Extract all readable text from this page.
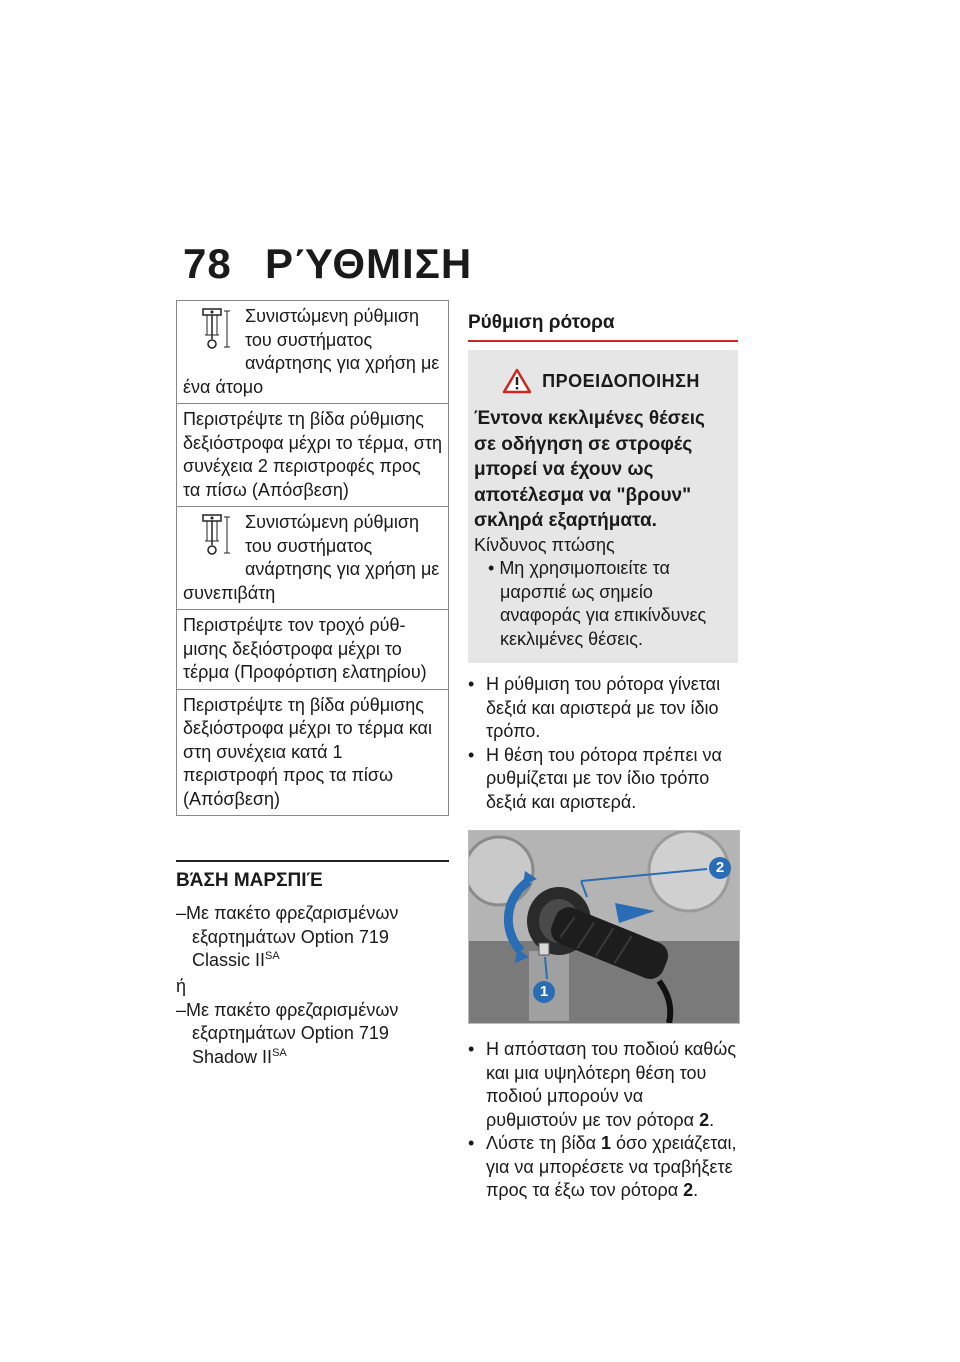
78 ΡΎΘΜΙΣΗ
Συνιστώμενη ρύθμιση του συστήματος ανάρτησης για χρήση με ένα άτομο
Περιστρέψτε τη βίδα ρύθμισης δεξιόστροφα μέχρι το τέρμα, στη συνέχεια 2 περιστροφές προς τα πίσω (Απόσβεση)
Συνιστώμενη ρύθμιση του συστήματος ανάρτησης για χρήση με συνεπιβάτη
Περιστρέψτε τον τροχό ρύθμισης δεξιόστροφα μέχρι το τέρμα (Προφόρτιση ελατηρίου)
Περιστρέψτε τη βίδα ρύθμισης δεξιόστροφα μέχρι το τέρμα και στη συνέχεια κατά 1 περιστροφή προς τα πίσω (Απόσβεση)
ΒΆΣΗ ΜΑΡΣΠΙΈ
–Με πακέτο φρεζαρισμένων εξαρτημάτων Option 719 Classic $II^{SA}$
ή
–Με πακέτο φρεζαρισμένων εξαρτημάτων Option 719 Shadow $II^{SA}$
Ρύθμιση ρότορα
ΠΡΟΕΙΔΟΠΟΙΗΣΗ
Έντονα κεκλιμένες θέσεις σε οδήγηση σε στροφές μπορεί να έχουν ως αποτέλεσμα να "βρουν" σκληρά εξαρτήματα.
Κίνδυνος πτώσης
• Μη χρησιμοποιείτε τα μαρσπιέ ως σημείο αναφοράς για επικίνδυνες κεκλιμένες θέσεις.
• Η ρύθμιση του ρότορα γίνεται δεξιά και αριστερά με τον ίδιο τρόπο.
• Η θέση του ρότορα πρέπει να ρυθμίζεται με τον ίδιο τρόπο δεξιά και αριστερά.
1
2
• Η απόσταση του ποδιού καθώς και μια υψηλότερη θέση του ποδιού μπορούν να ρυθμιστούν με τον ρότορα 2.
• Λύστε τη βίδα 1 όσο χρειάζεται, για να μπορέσετε να τραβήξετε προς τα έξω τον ρότορα 2.
